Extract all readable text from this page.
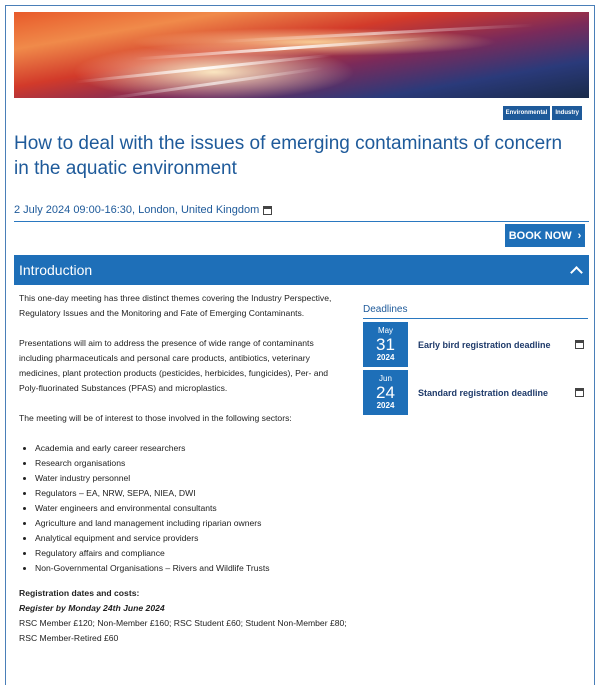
Environmental	Industry
How to deal with the issues of emerging contaminants of concern in the aquatic environment
2 July 2024 09:00-16:30, London, United Kingdom
BOOK NOW ›
Introduction

This one-day meeting has three distinct themes covering the Industry Perspective, Regulatory Issues and the Monitoring and Fate of Emerging Contaminants.

Presentations will aim to address the presence of wide range of contaminants including pharmaceuticals and personal care products, antibiotics, veterinary medicines, plant protection products (pesticides, herbicides, fungicides), Per- and Poly-fluorinated Substances (PFAS) and microplastics.

The meeting will be of interest to those involved in the following sectors:

• Academia and early career researchers
• Research organisations
• Water industry personnel
• Regulators – EA, NRW, SEPA, NIEA, DWI
• Water engineers and environmental consultants
• Agriculture and land management including riparian owners
• Analytical equipment and service providers
• Regulatory affairs and compliance
• Non-Governmental Organisations – Rivers and Wildlife Trusts

Registration dates and costs:

Register by Monday 24th June 2024

RSC Member £120; Non-Member £160; RSC Student £60; Student Non-Member £80; RSC Member-Retired £60

Deadlines
May
31
2024
Early bird registration deadline
Jun
24
2024
Standard registration deadline
